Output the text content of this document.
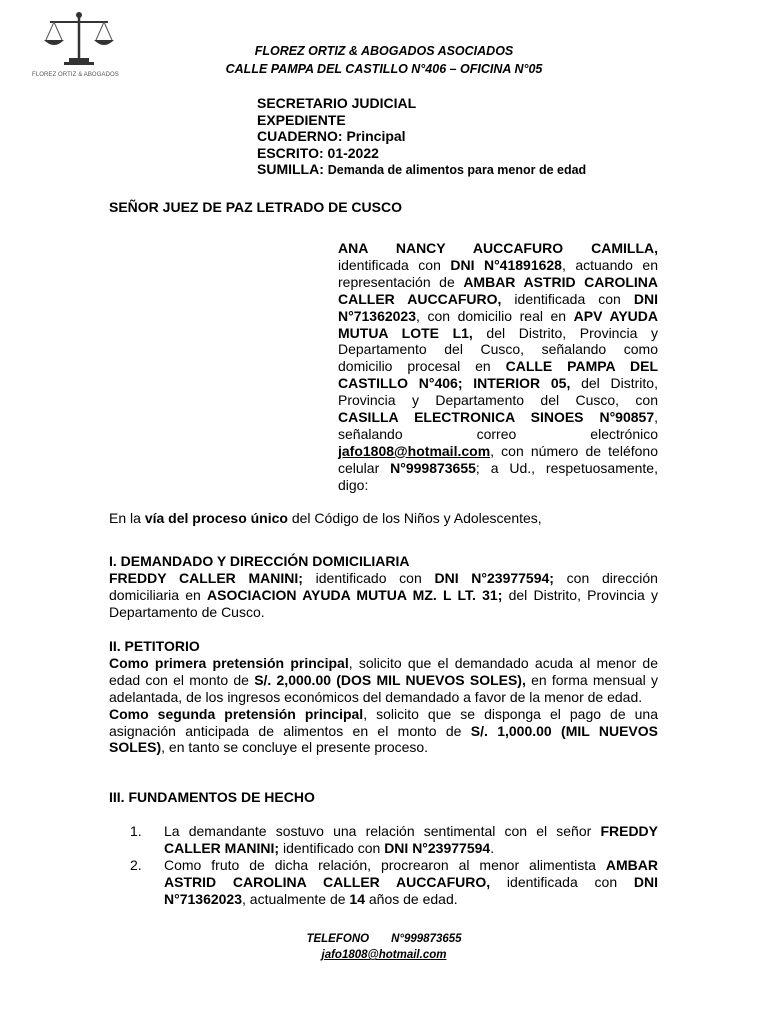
FLOREZ ORTIZ & ABOGADOS
FLOREZ ORTIZ & ABOGADOS ASOCIADOS
CALLE PAMPA DEL CASTILLO N°406 – OFICINA N°05
SECRETARIO JUDICIAL
EXPEDIENTE
CUADERNO: Principal
ESCRITO: 01-2022
SUMILLA: Demanda de alimentos para menor de edad
SEÑOR JUEZ DE PAZ LETRADO DE CUSCO
ANA NANCY AUCCAFURO CAMILLA, identificada con DNI N°41891628, actuando en representación de AMBAR ASTRID CAROLINA CALLER AUCCAFURO, identificada con DNI N°71362023, con domicilio real en APV AYUDA MUTUA LOTE L1, del Distrito, Provincia y Departamento del Cusco, señalando como domicilio procesal en CALLE PAMPA DEL CASTILLO N°406; INTERIOR 05, del Distrito, Provincia y Departamento del Cusco, con CASILLA ELECTRONICA SINOES N°90857, señalando correo electrónico jafo1808@hotmail.com, con número de teléfono celular N°999873655; a Ud., respetuosamente, digo:
En la vía del proceso único del Código de los Niños y Adolescentes,
I. DEMANDADO Y DIRECCIÓN DOMICILIARIA
FREDDY CALLER MANINI; identificado con DNI N°23977594; con dirección domiciliaria en ASOCIACION AYUDA MUTUA MZ. L LT. 31; del Distrito, Provincia y Departamento de Cusco.
II. PETITORIO
Como primera pretensión principal, solicito que el demandado acuda al menor de edad con el monto de S/. 2,000.00 (DOS MIL NUEVOS SOLES), en forma mensual y adelantada, de los ingresos económicos del demandado a favor de la menor de edad.
Como segunda pretensión principal, solicito que se disponga el pago de una asignación anticipada de alimentos en el monto de S/. 1,000.00 (MIL NUEVOS SOLES), en tanto se concluye el presente proceso.
III. FUNDAMENTOS DE HECHO
1. La demandante sostuvo una relación sentimental con el señor FREDDY CALLER MANINI; identificado con DNI N°23977594.
2. Como fruto de dicha relación, procrearon al menor alimentista AMBAR ASTRID CAROLINA CALLER AUCCAFURO, identificada con DNI N°71362023, actualmente de 14 años de edad.
TELEFONO N°999873655
jafo1808@hotmail.com
